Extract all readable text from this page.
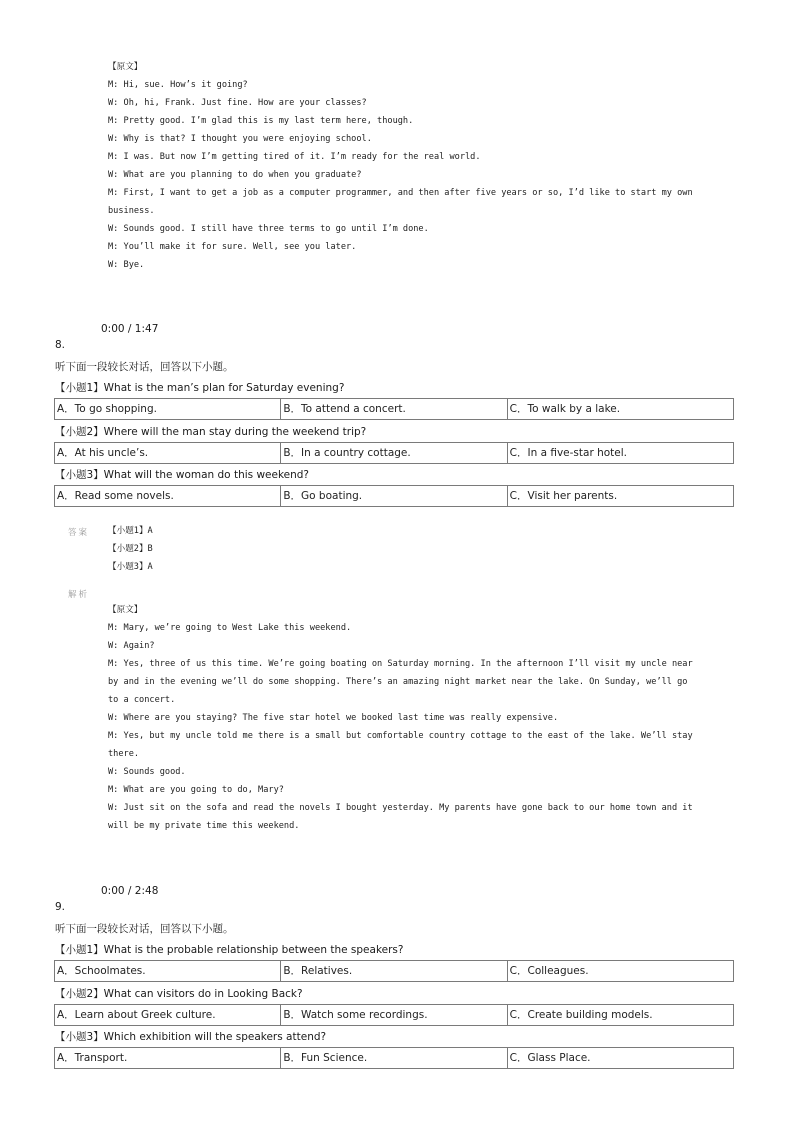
【原文】
M: Hi, sue. How’s it going?
W: Oh, hi, Frank. Just fine. How are your classes?
M: Pretty good. I’m glad this is my last term here, though.
W: Why is that? I thought you were enjoying school.
M: I was. But now I’m getting tired of it. I’m ready for the real world.
W: What are you planning to do when you graduate?
M: First, I want to get a job as a computer programmer, and then after five years or so, I’d like to start my own
business.
W: Sounds good. I still have three terms to go until I’m done.
M: You’ll make it for sure. Well, see you later.
W: Bye.
0:00 / 1:47
8.
听下面一段较长对话，回答以下小题。
【小题1】What is the man’s plan for Saturday evening?
A．To go shopping.	B．To attend a concert.	C．To walk by a lake.
【小题2】Where will the man stay during the weekend trip?
A．At his uncle’s.	B．In a country cottage.	C．In a five-star hotel.
【小题3】What will the woman do this weekend?
A．Read some novels.	B．Go boating.	C．Visit her parents.
答案 【小题1】A
【小题2】B
【小题3】A
解析
【原文】
M: Mary, we’re going to West Lake this weekend.
W: Again?
M: Yes, three of us this time. We’re going boating on Saturday morning. In the afternoon I’ll visit my uncle near
by and in the evening we’ll do some shopping. There’s an amazing night market near the lake. On Sunday, we’ll go
to a concert.
W: Where are you staying? The five star hotel we booked last time was really expensive.
M: Yes, but my uncle told me there is a small but comfortable country cottage to the east of the lake. We’ll stay
there.
W: Sounds good.
M: What are you going to do, Mary?
W: Just sit on the sofa and read the novels I bought yesterday. My parents have gone back to our home town and it
will be my private time this weekend.
0:00 / 2:48
9.
听下面一段较长对话，回答以下小题。
【小题1】What is the probable relationship between the speakers?
A．Schoolmates.	B．Relatives.	C．Colleagues.
【小题2】What can visitors do in Looking Back?
A．Learn about Greek culture.	B．Watch some recordings.	C．Create building models.
【小题3】Which exhibition will the speakers attend?
A．Transport.	B．Fun Science.	C．Glass Place.
